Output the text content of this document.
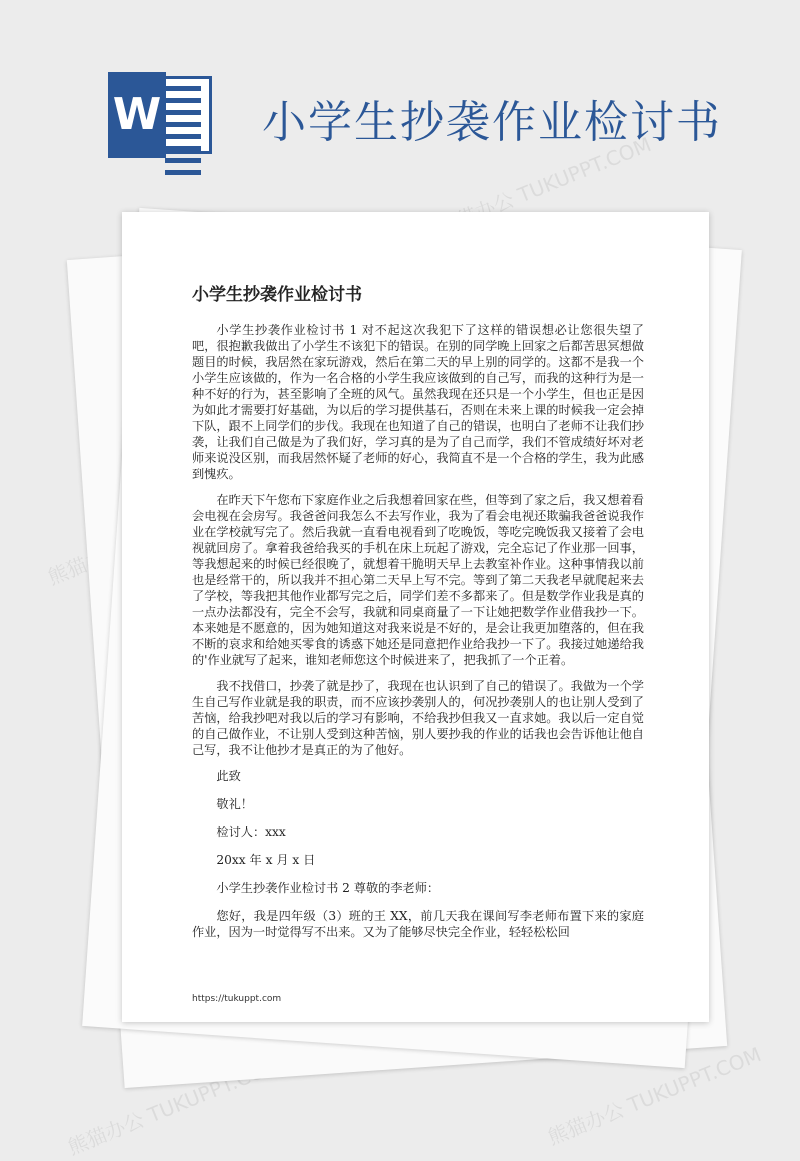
W 小学生抄袭作业检讨书
熊猫办公 TUKUPPT.COM
熊猫办公
熊猫办公 TUKUPPT.COM
熊猫办公 TUKUPPT.COM
小学生抄袭作业检讨书

小学生抄袭作业检讨书 1 对不起这次我犯下了这样的错误想必让您很失望了吧，很抱歉我做出了小学生不该犯下的错误。在别的同学晚上回家之后都苦思冥想做题目的时候，我居然在家玩游戏，然后在第二天的早上别的同学的。这都不是我一个小学生应该做的，作为一名合格的小学生我应该做到的自己写，而我的这种行为是一种不好的行为，甚至影响了全班的风气。虽然我现在还只是一个小学生，但也正是因为如此才需要打好基础，为以后的学习提供基石，否则在未来上课的时候我一定会掉下队，跟不上同学们的步伐。我现在也知道了自己的错误，也明白了老师不让我们抄袭，让我们自己做是为了我们好，学习真的是为了自己而学，我们不管成绩好坏对老师来说没区别，而我居然怀疑了老师的好心，我简直不是一个合格的学生，我为此感到愧疚。

在昨天下午您布下家庭作业之后我想着回家在些，但等到了家之后，我又想着看会电视在会房写。我爸爸问我怎么不去写作业，我为了看会电视还欺骗我爸爸说我作业在学校就写完了。然后我就一直看电视看到了吃晚饭，等吃完晚饭我又接着了会电视就回房了。拿着我爸给我买的手机在床上玩起了游戏，完全忘记了作业那一回事，等我想起来的时候已经很晚了，就想着干脆明天早上去教室补作业。这种事情我以前也是经常干的，所以我并不担心第二天早上写不完。等到了第二天我老早就爬起来去了学校，等我把其他作业都写完之后，同学们差不多都来了。但是数学作业我是真的一点办法都没有，完全不会写，我就和同桌商量了一下让她把数学作业借我抄一下。本来她是不愿意的，因为她知道这对我来说是不好的，是会让我更加堕落的，但在我不断的哀求和给她买零食的诱惑下她还是同意把作业给我抄一下了。我接过她递给我的'作业就写了起来，谁知老师您这个时候进来了，把我抓了一个正着。

我不找借口，抄袭了就是抄了，我现在也认识到了自己的错误了。我做为一个学生自己写作业就是我的职责，而不应该抄袭别人的，何况抄袭别人的也让别人受到了苦恼，给我抄吧对我以后的学习有影响，不给我抄但我又一直求她。我以后一定自觉的自己做作业，不让别人受到这种苦恼，别人要抄我的作业的话我也会告诉他让他自己写，我不让他抄才是真正的为了他好。

此致

敬礼！

检讨人：xxx

20xx 年 x 月 x 日

小学生抄袭作业检讨书 2 尊敬的李老师：

您好，我是四年级（3）班的王 XX，前几天我在课间写李老师布置下来的家庭作业，因为一时觉得写不出来。又为了能够尽快完全作业，轻轻松松回

https://tukuppt.com
